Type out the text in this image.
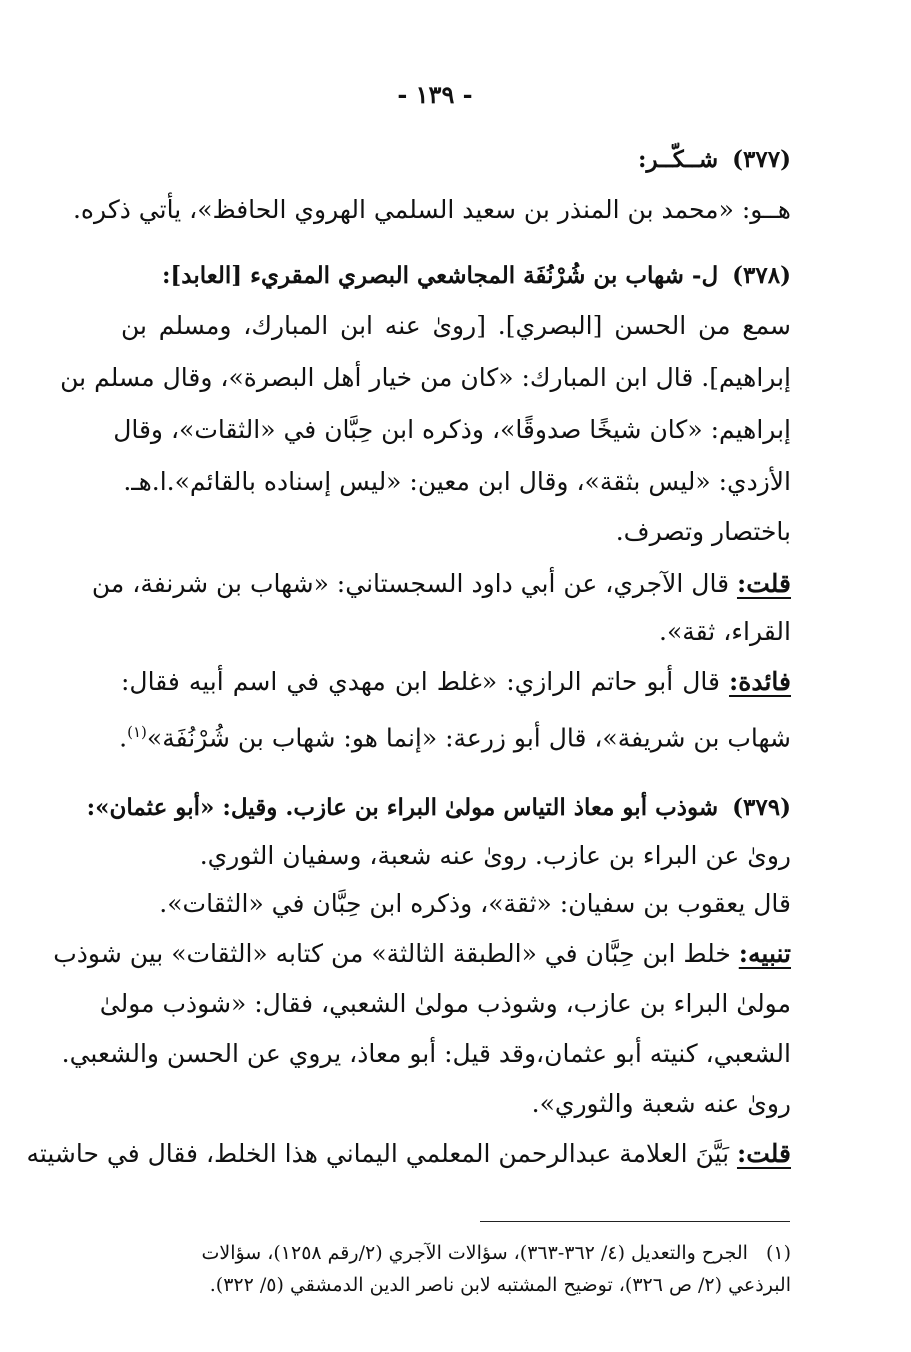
- ١٣٩ -
(٣٧٧)شــكّــر:
هــو: «محمد بن المنذر بن سعيد السلمي الهروي الحافظ»، يأتي ذكره.
(٣٧٨)ل- شهاب بن شُرْنُفَة المجاشعي البصري المقريء [العابد]:
سمع من الحسن [البصري]. [روىٰ عنه ابن المبارك، ومسلم بن
إبراهيم]. قال ابن المبارك: «كان من خيار أهل البصرة»، وقال مسلم بن
إبراهيم: «كان شيخًا صدوقًا»، وذكره ابن حِبَّان في «الثقات»، وقال
الأزدي: «ليس بثقة»، وقال ابن معين: «ليس إسناده بالقائم».ا.هـ.
باختصار وتصرف.
قلت: قال الآجري، عن أبي داود السجستاني: «شهاب بن شرنفة، من
القراء، ثقة».
فائدة: قال أبو حاتم الرازي: «غلط ابن مهدي في اسم أبيه فقال:
شهاب بن شريفة»، قال أبو زرعة: «إنما هو: شهاب بن شُرْنُفَة»$^{(١)}$.
(٣٧٩)شوذب أبو معاذ التياس مولىٰ البراء بن عازب. وقيل: «أبو عثمان»:
روىٰ عن البراء بن عازب. روىٰ عنه شعبة، وسفيان الثوري.
قال يعقوب بن سفيان: «ثقة»، وذكره ابن حِبَّان في «الثقات».
تنبيه: خلط ابن حِبَّان في «الطبقة الثالثة» من كتابه «الثقات» بين شوذب
مولىٰ البراء بن عازب، وشوذب مولىٰ الشعبي، فقال: «شوذب مولىٰ
الشعبي، كنيته أبو عثمان،وقد قيل: أبو معاذ، يروي عن الحسن والشعبي.
روىٰ عنه شعبة والثوري».
قلت: بَيَّنَ العلامة عبدالرحمن المعلمي اليماني هذا الخلط، فقال في حاشيته
(١)الجرح والتعديل (٤/ ٣٦٢-٣٦٣)، سؤالات الآجري (٢/رقم ١٢٥٨)، سؤالات
البرذعي (٢/ ص ٣٢٦)، توضيح المشتبه لابن ناصر الدين الدمشقي (٥/ ٣٢٢).
